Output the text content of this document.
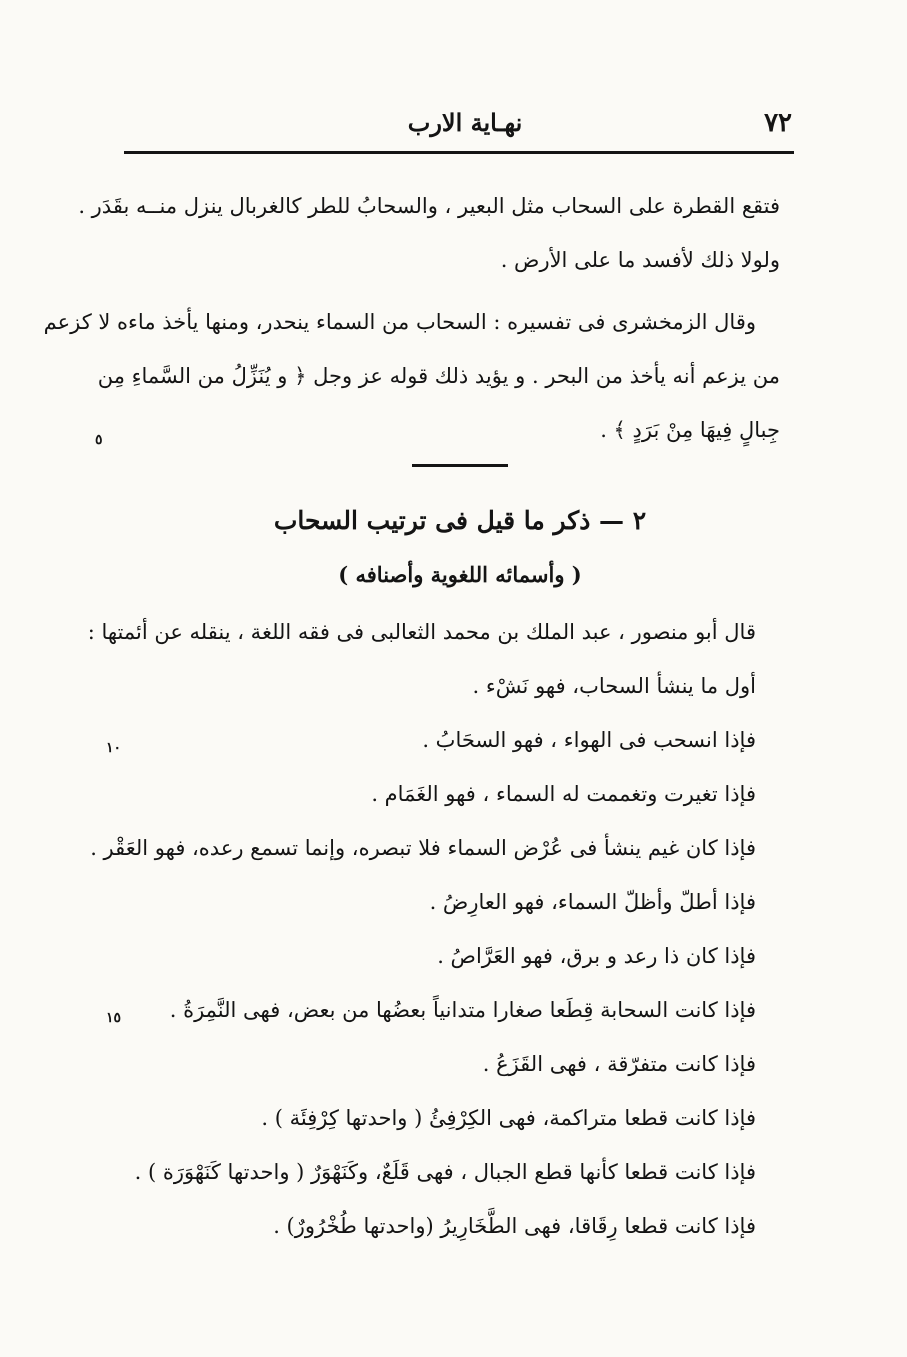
٧٢
نهـاية الارب
فتقع القطرة على السحاب مثل البعير ، والسحابُ للطر كالغربال ينزل منــه بقَدَر .
ولولا ذلك لأفسد ما على الأرض .
وقال الزمخشرى فى تفسيره : السحاب من السماء ينحدر، ومنها يأخذ ماءه لا كزعم
من يزعم أنه يأخذ من البحر . و يؤيد ذلك قوله عز وجل ﴿ و يُنَزِّلُ من السَّماءِ مِن
جِبالٍ فِيهَا مِنْ بَرَدٍ ﴾ .
٥
٢ — ذكر ما قيل فى ترتيب السحاب
( وأسمائه اللغوية وأصنافه )
قال أبو منصور ، عبد الملك بن محمد الثعالبى فى فقه اللغة ، ينقله عن أئمتها :
أول ما ينشأ السحاب، فهو نَشْء .
فإذا انسحب فى الهواء ، فهو السحَابُ .
فإذا تغيرت وتغممت له السماء ، فهو الغَمَام .
فإذا كان غيم ينشأ فى عُرْض السماء فلا تبصره، وإنما تسمع رعده، فهو العَقْر .
فإذا أطلّ وأظلّ السماء، فهو العارِضُ .
فإذا كان ذا رعد و برق، فهو العَرَّاصُ .
فإذا كانت السحابة قِطَعا صغارا متدانياً بعضُها من بعض، فهى النَّمِرَةُ .
فإذا كانت متفرّقة ، فهى القَزَعُ .
فإذا كانت قطعا متراكمة، فهى الكِرْفِئُ ( واحدتها كِرْفِئَة ) .
فإذا كانت قطعا كأنها قطع الجبال ، فهى قَلَعٌ، وكَنَهْوَرٌ ( واحدتها كَنَهْوَرَة ) .
فإذا كانت قطعا رِقَاقا، فهى الطَّخَارِيرُ (واحدتها طُخْرُورٌ) .
١٠
١٥
